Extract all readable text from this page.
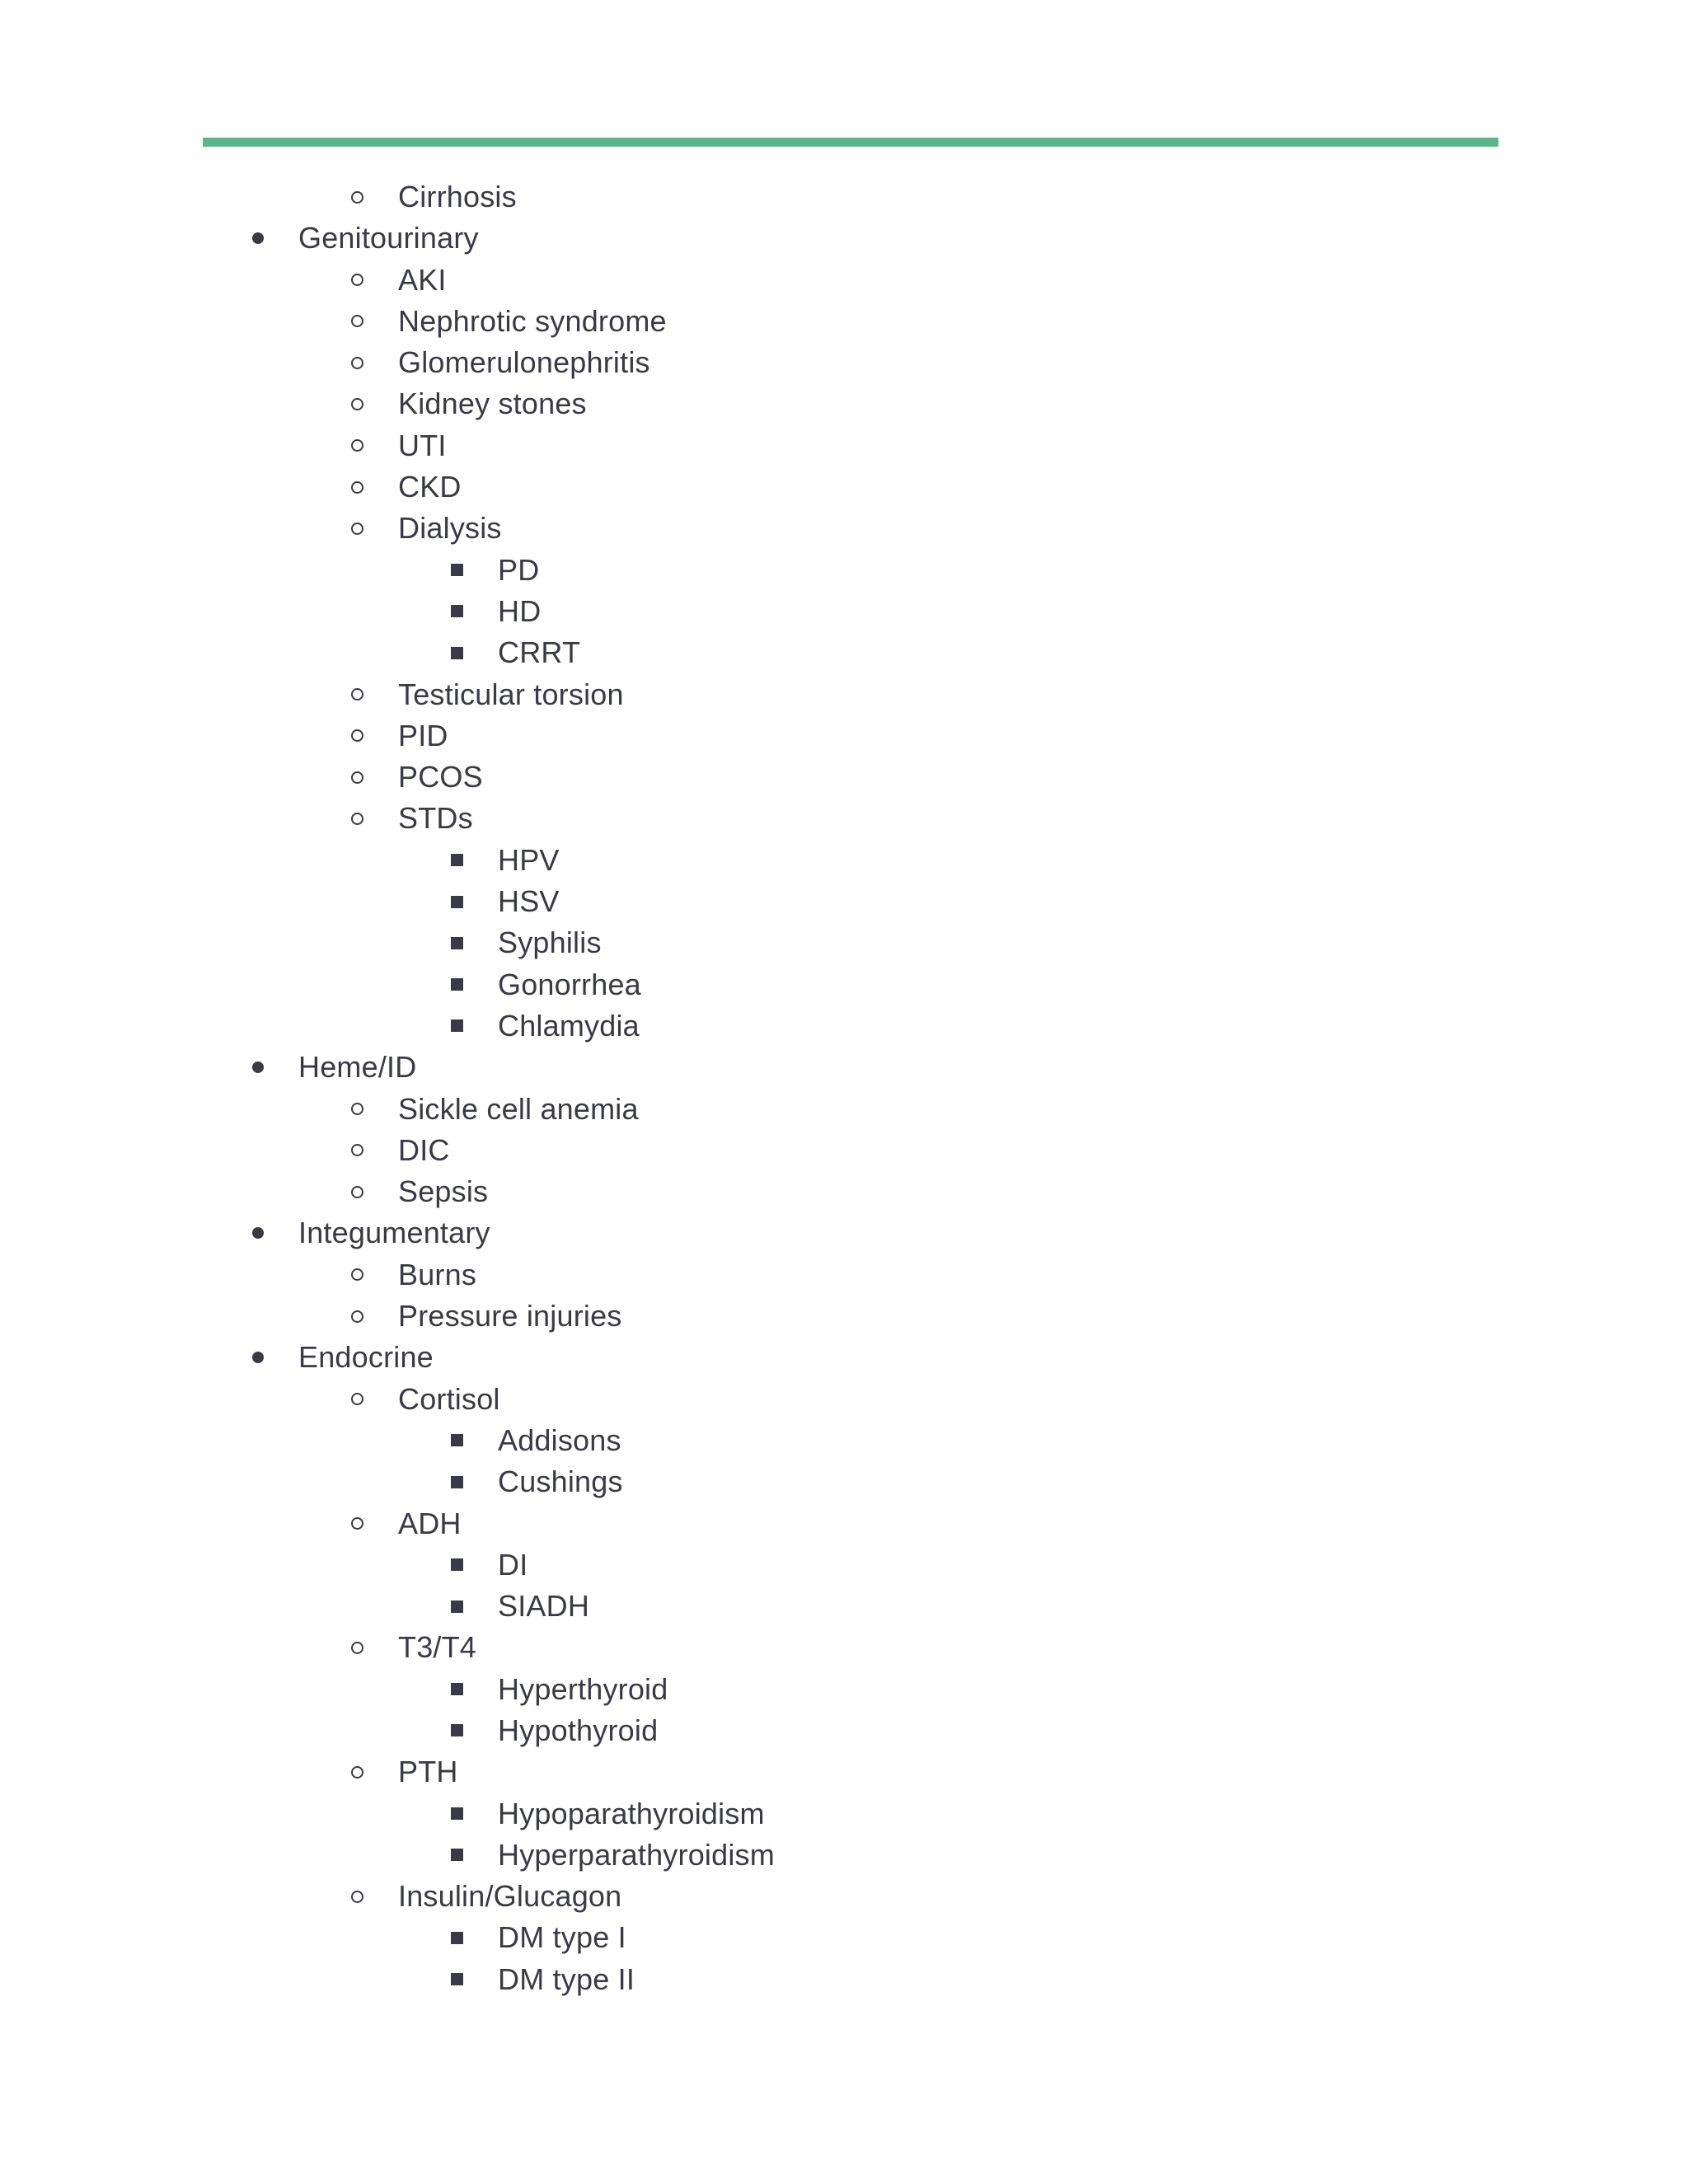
Cirrhosis
Genitourinary
AKI
Nephrotic syndrome
Glomerulonephritis
Kidney stones
UTI
CKD
Dialysis
PD
HD
CRRT
Testicular torsion
PID
PCOS
STDs
HPV
HSV
Syphilis
Gonorrhea
Chlamydia
Heme/ID
Sickle cell anemia
DIC
Sepsis
Integumentary
Burns
Pressure injuries
Endocrine
Cortisol
Addisons
Cushings
ADH
DI
SIADH
T3/T4
Hyperthyroid
Hypothyroid
PTH
Hypoparathyroidism
Hyperparathyroidism
Insulin/Glucagon
DM type I
DM type II
